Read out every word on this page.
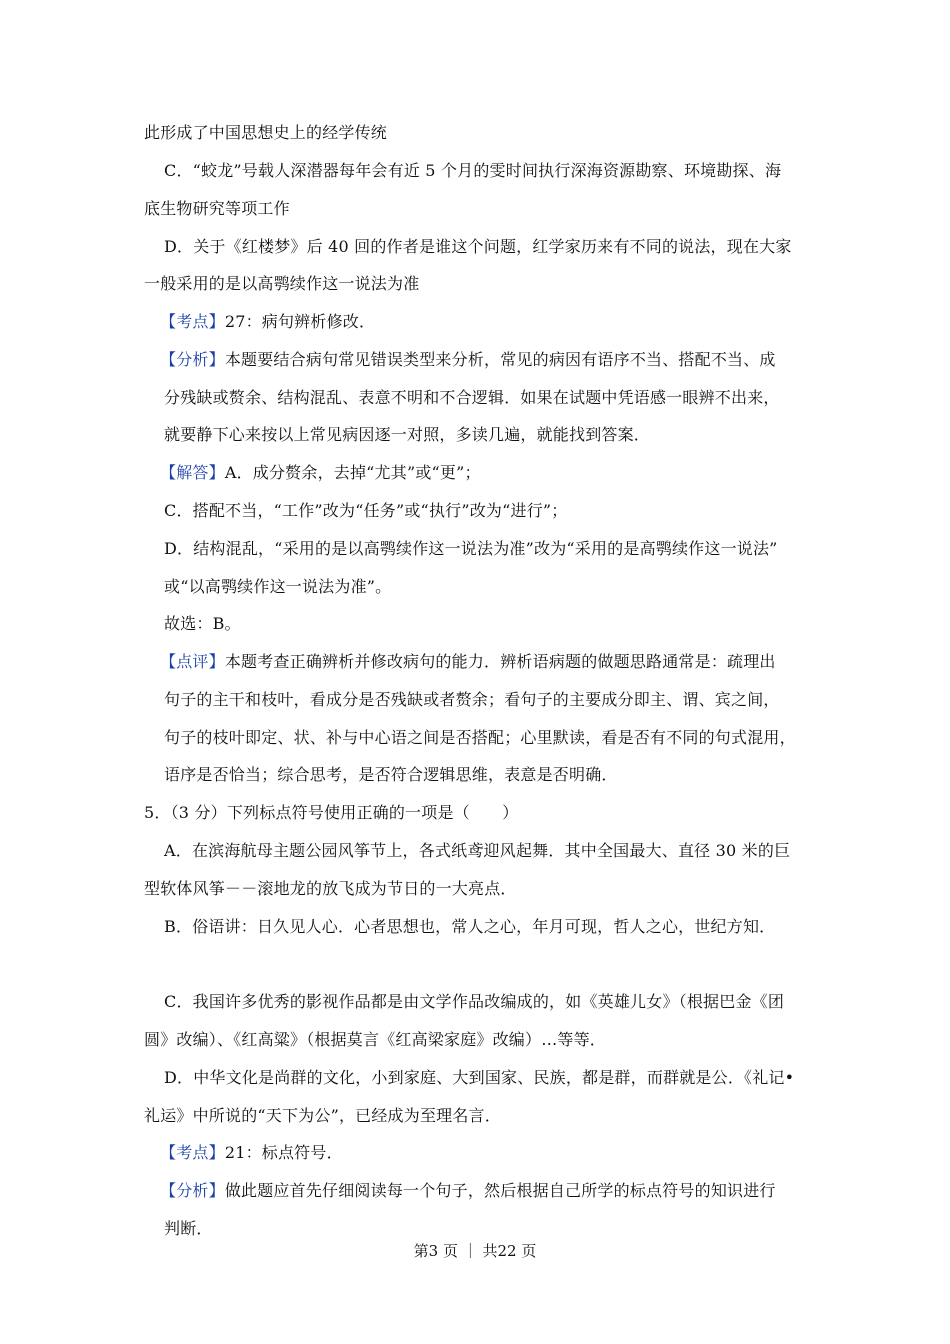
此形成了中国思想史上的经学传统
C．“蛟龙”号载人深潜器每年会有近 5 个月的雯时间执行深海资源勘察、环境勘探、海
底生物研究等项工作
D．关于《红楼梦》后 40 回的作者是谁这个问题，红学家历来有不同的说法，现在大家
一般采用的是以高鹗续作这一说法为准
【考点】27：病句辨析修改．
【分析】本题要结合病句常见错误类型来分析，常见的病因有语序不当、搭配不当、成
分残缺或赘余、结构混乱、表意不明和不合逻辑．如果在试题中凭语感一眼辨不出来，
就要静下心来按以上常见病因逐一对照，多读几遍，就能找到答案．
【解答】A．成分赘余，去掉“尤其”或“更”；
C．搭配不当，“工作”改为“任务”或“执行”改为“进行”；
D．结构混乱，“采用的是以高鹗续作这一说法为准”改为“采用的是高鹗续作这一说法”
或“以高鹗续作这一说法为准”。
故选：B。
【点评】本题考查正确辨析并修改病句的能力．辨析语病题的做题思路通常是：疏理出
句子的主干和枝叶，看成分是否残缺或者赘余；看句子的主要成分即主、谓、宾之间，
句子的枝叶即定、状、补与中心语之间是否搭配；心里默读，看是否有不同的句式混用，
语序是否恰当；综合思考，是否符合逻辑思维，表意是否明确．
5．（3 分）下列标点符号使用正确的一项是（　　）
A．在滨海航母主题公园风筝节上，各式纸鸢迎风起舞．其中全国最大、直径 30 米的巨
型软体风筝－－滚地龙的放飞成为节日的一大亮点．
B．俗语讲：日久见人心．心者思想也，常人之心，年月可现，哲人之心，世纪方知．
C．我国许多优秀的影视作品都是由文学作品改编成的，如《英雄儿女》（根据巴金《团
圆》改编）、《红高粱》（根据莫言《红高梁家庭》改编）…等等．
D．中华文化是尚群的文化，小到家庭、大到国家、民族，都是群，而群就是公．《礼记•
礼运》中所说的“天下为公”，已经成为至理名言．
【考点】21：标点符号．
【分析】做此题应首先仔细阅读每一个句子，然后根据自己所学的标点符号的知识进行
判断．
第3 页 ｜ 共22 页
